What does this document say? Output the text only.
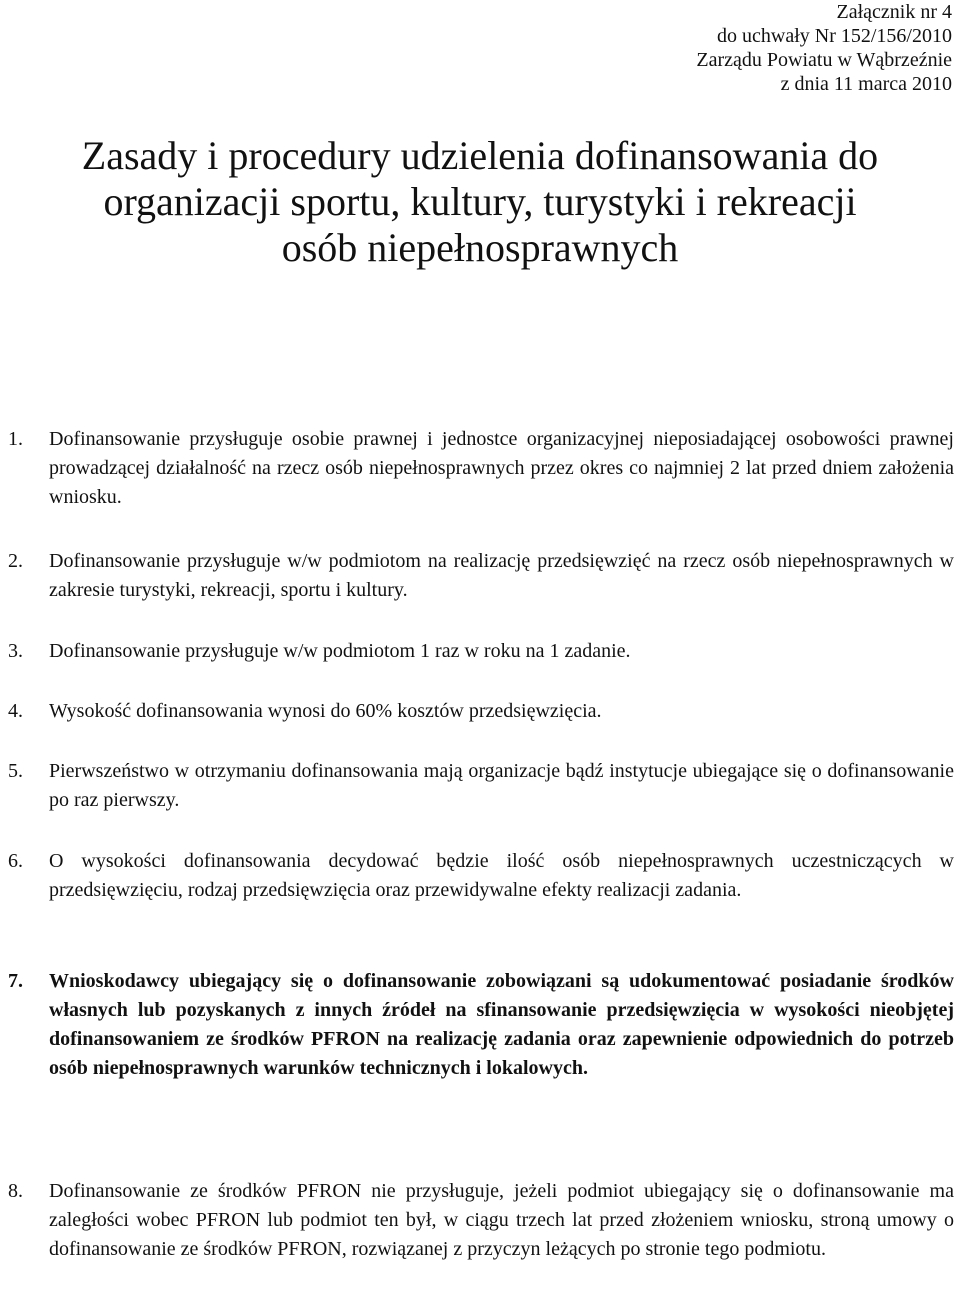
Załącznik nr 4
do uchwały Nr 152/156/2010
Zarządu Powiatu w Wąbrzeźnie
z dnia 11 marca 2010
Zasady i procedury udzielenia dofinansowania do
organizacji sportu, kultury, turystyki i rekreacji
osób niepełnosprawnych
1. Dofinansowanie przysługuje osobie prawnej i jednostce organizacyjnej nieposiadającej osobowości prawnej prowadzącej działalność na rzecz osób niepełnosprawnych przez okres co najmniej 2 lat przed dniem założenia wniosku.
2. Dofinansowanie przysługuje w/w podmiotom na realizację przedsięwzięć na rzecz osób niepełnosprawnych w zakresie turystyki, rekreacji, sportu i kultury.
3. Dofinansowanie przysługuje w/w podmiotom 1 raz w roku na 1 zadanie.
4. Wysokość dofinansowania wynosi do 60% kosztów przedsięwzięcia.
5. Pierwszeństwo w otrzymaniu dofinansowania mają organizacje bądź instytucje ubiegające się o dofinansowanie po raz pierwszy.
6. O wysokości dofinansowania decydować będzie ilość osób niepełnosprawnych uczestniczących w przedsięwzięciu, rodzaj przedsięwzięcia oraz przewidywalne efekty realizacji zadania.
7. Wnioskodawcy ubiegający się o dofinansowanie zobowiązani są udokumentować posiadanie środków własnych lub pozyskanych z innych źródeł na sfinansowanie przedsięwzięcia w wysokości nieobjętej dofinansowaniem ze środków PFRON na realizację zadania oraz zapewnienie odpowiednich do potrzeb osób niepełnosprawnych warunków technicznych i lokalowych.
8. Dofinansowanie ze środków PFRON nie przysługuje, jeżeli podmiot ubiegający się o dofinansowanie ma zaległości wobec PFRON lub podmiot ten był, w ciągu trzech lat przed złożeniem wniosku, stroną umowy o dofinansowanie ze środków PFRON, rozwiązanej z przyczyn leżących po stronie tego podmiotu.
